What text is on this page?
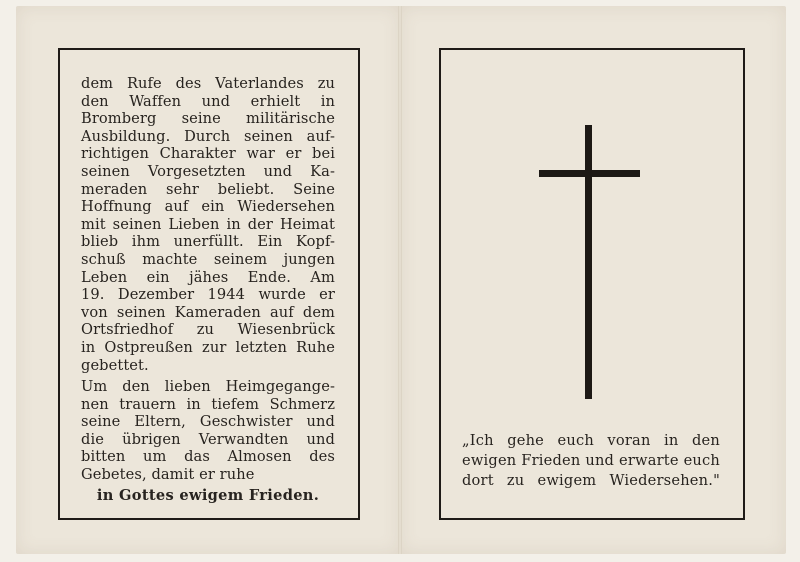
dem Rufe des Vaterlandes zu
den Waffen und erhielt in
Bromberg seine militärische
Ausbildung. Durch seinen auf-
richtigen Charakter war er bei
seinen Vorgesetzten und Ka-
meraden sehr beliebt. Seine
Hoffnung auf ein Wiedersehen
mit seinen Lieben in der Heimat
blieb ihm unerfüllt. Ein Kopf-
schuß machte seinem jungen
Leben ein jähes Ende. Am
19. Dezember 1944 wurde er
von seinen Kameraden auf dem
Ortsfriedhof zu Wiesenbrück
in Ostpreußen zur letzten Ruhe
gebettet.
Um den lieben Heimgegange-
nen trauern in tiefem Schmerz
seine Eltern, Geschwister und
die übrigen Verwandten und
bitten um das Almosen des
Gebetes, damit er ruhe
in Gottes ewigem Frieden.
„Ich gehe euch voran in den
ewigen Frieden und erwarte euch
dort zu ewigem Wiedersehen."
